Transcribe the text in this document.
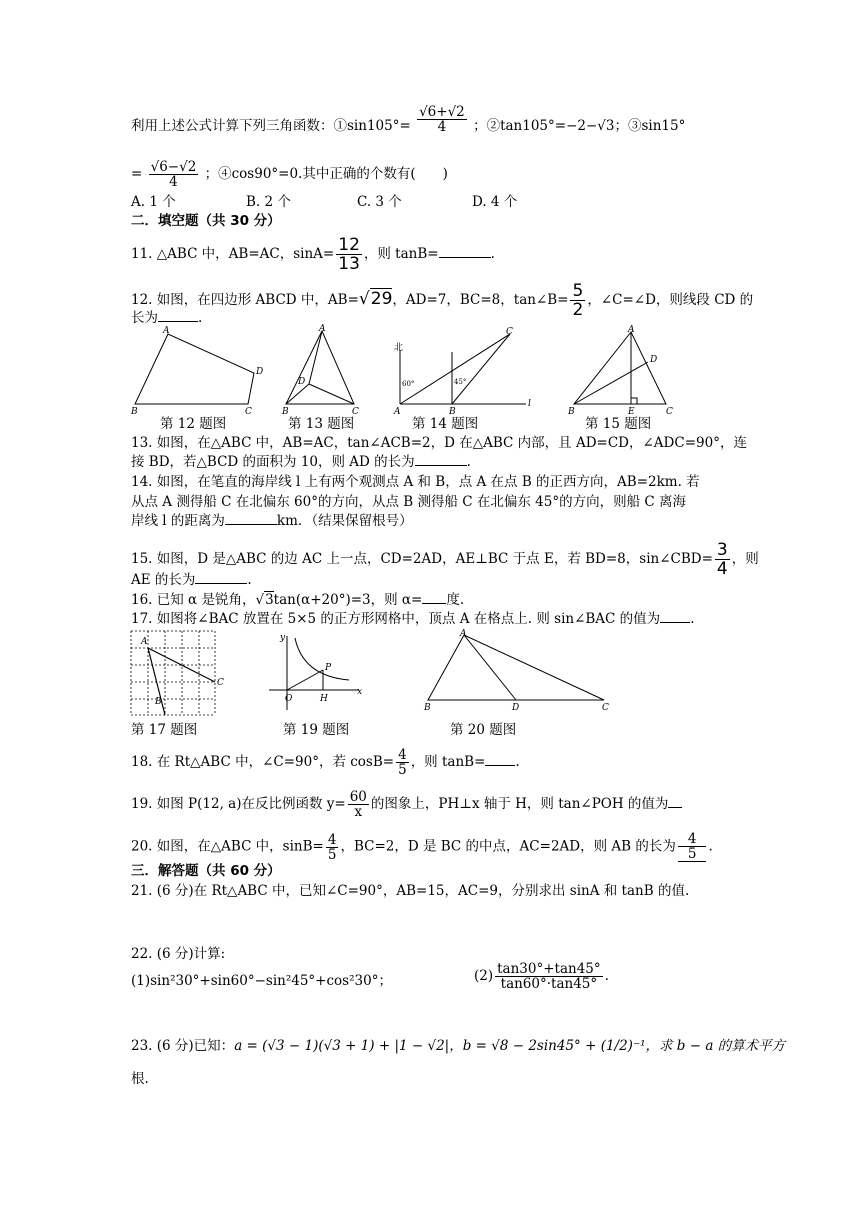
利用上述公式计算下列三角函数：①sin105°= $\frac{√6+√2}{4}$ ；②tan105°=−2−√3；③sin15°
= $\frac{√6-√2}{4}$ ；④cos90°=0.其中正确的个数有(　　)
A. 1 个	B. 2 个	C. 3 个	D. 4 个
二．填空题（共 30 分）
11. △ABC 中，AB=AC，$\sin A= \frac{12}{13}$ ，则 tanB=	.
12. 如图，在四边形 ABCD 中，AB=√29，AD=7，BC=8，tan∠B= $\frac{5}{2}$ ，∠C=∠D，则线段 CD 的
长为	.
A
B	C
D
A
B	C
D
北
A	B
C
l
60°	45°
A
B	C
D
E
第 12 题图	第 13 题图	第 14 题图	第 15 题图
13. 如图，在△ABC 中，AB=AC，tan∠ACB=2，D 在△ABC 内部，且 AD=CD，∠ADC=90°，连
接 BD，若△BCD 的面积为 10，则 AD 的长为	.
14. 如图，在笔直的海岸线 l 上有两个观测点 A 和 B，点 A 在点 B 的正西方向，AB=2km. 若
从点 A 测得船 C 在北偏东 60°的方向，从点 B 测得船 C 在北偏东 45°的方向，则船 C 离海
岸线 l 的距离为	km．（结果保留根号）
15. 如图，D 是△ABC 的边 AC 上一点，CD=2AD，AE⊥BC 于点 E，若 BD=8，sin∠CBD= $\frac{3}{4}$ ，则
AE 的长为	.
16. 已知 α 是锐角，√3tan(α+20°)=3，则 α= 度.
17. 如图将∠BAC 放置在 5×5 的正方形网格中，顶点 A 在格点上. 则 sin∠BAC 的值为 .
A
B
C
y
O	H
P
x
A
B	C
D
第 17 题图	第 19 题图	第 20 题图
18. 在 Rt△ABC 中，∠C=90°，若 $\cos B= \frac{4}{5}$ ，则 tanB= .
19. 如图 P(12, a)在反比例函数 $y= \frac{60}{x}$ 的图象上，PH⊥x 轴于 H，则 tan∠POH 的值为
20. 如图，在△ABC 中，$\sin B= \frac{4}{5}$ ，BC=2，D 是 BC 的中点，AC=2AD，则 AB 的长为 $\frac{4}{5}$ .
三．解答题（共 60 分）
21. (6 分)在 Rt△ABC 中，已知∠C=90°，AB=15，AC=9，分别求出 sinA 和 tanB 的值.
22. (6 分)计算:
(1)sin²30°+sin60°−sin²45°+cos²30°；	$(2) \frac{\tan 30^\circ+\tan 45^\circ}{\tan 60^\circ\cdot\tan 45^\circ}$ .
23. (6 分)已知：a = (√3 − 1)(√3 + 1) + |1 − √2|，b = √8 − 2sin45° + (1/2)⁻¹，求 b − a 的算术平方
根.
